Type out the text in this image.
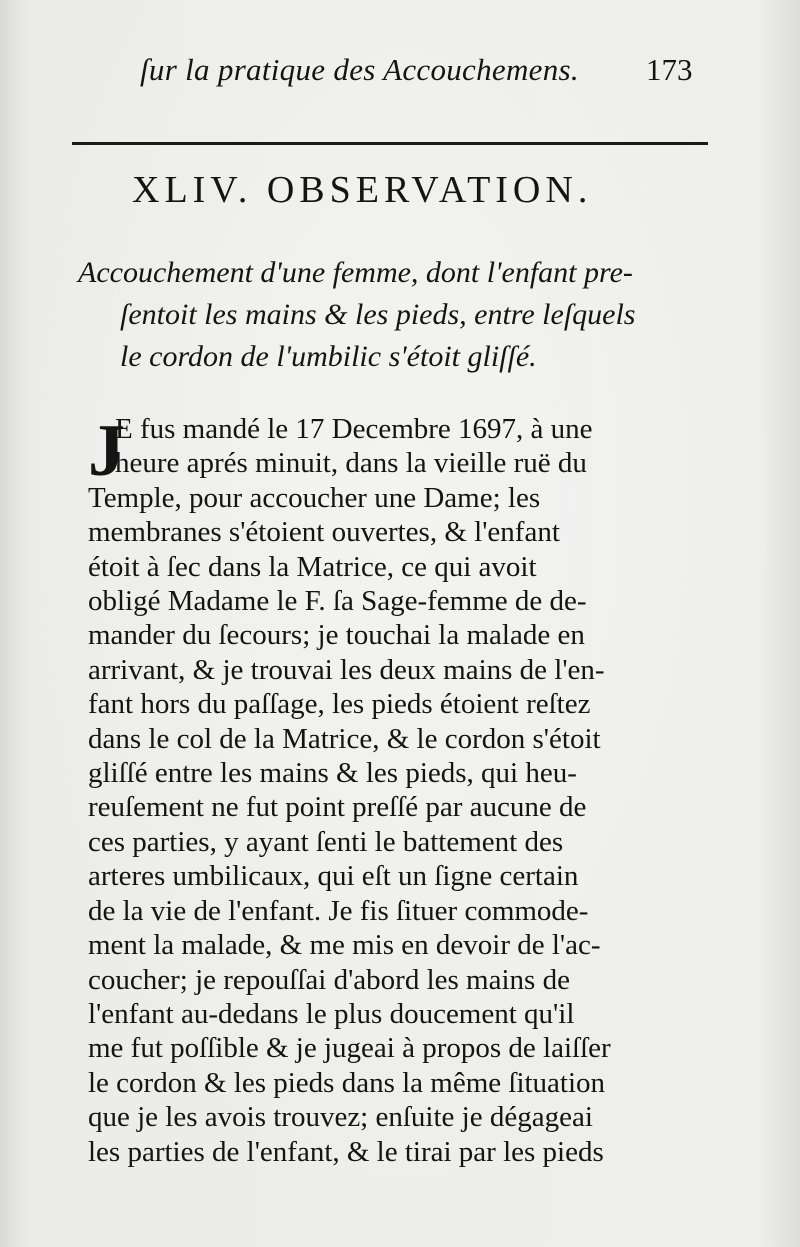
ſur la pratique des Accouchemens. 173
XLIV. OBSERVATION.
Accouchement d'une femme, dont l'enfant pre-
ſentoit les mains & les pieds, entre leſquels
le cordon de l'umbilic s'étoit gliſſé.
J
E fus mandé le 17 Decembre 1697, à une
heure aprés minuit, dans la vieille ruë du
Temple, pour accoucher une Dame; les
membranes s'étoient ouvertes, & l'enfant
étoit à ſec dans la Matrice, ce qui avoit
obligé Madame le F. ſa Sage-femme de de-
mander du ſecours; je touchai la malade en
arrivant, & je trouvai les deux mains de l'en-
fant hors du paſſage, les pieds étoient reſtez
dans le col de la Matrice, & le cordon s'étoit
gliſſé entre les mains & les pieds, qui heu-
reuſement ne fut point preſſé par aucune de
ces parties, y ayant ſenti le battement des
arteres umbilicaux, qui eſt un ſigne certain
de la vie de l'enfant. Je fis ſituer commode-
ment la malade, & me mis en devoir de l'ac-
coucher; je repouſſai d'abord les mains de
l'enfant au-dedans le plus doucement qu'il
me fut poſſible & je jugeai à propos de laiſſer
le cordon & les pieds dans la même ſituation
que je les avois trouvez; enſuite je dégageai
les parties de l'enfant, & le tirai par les pieds
